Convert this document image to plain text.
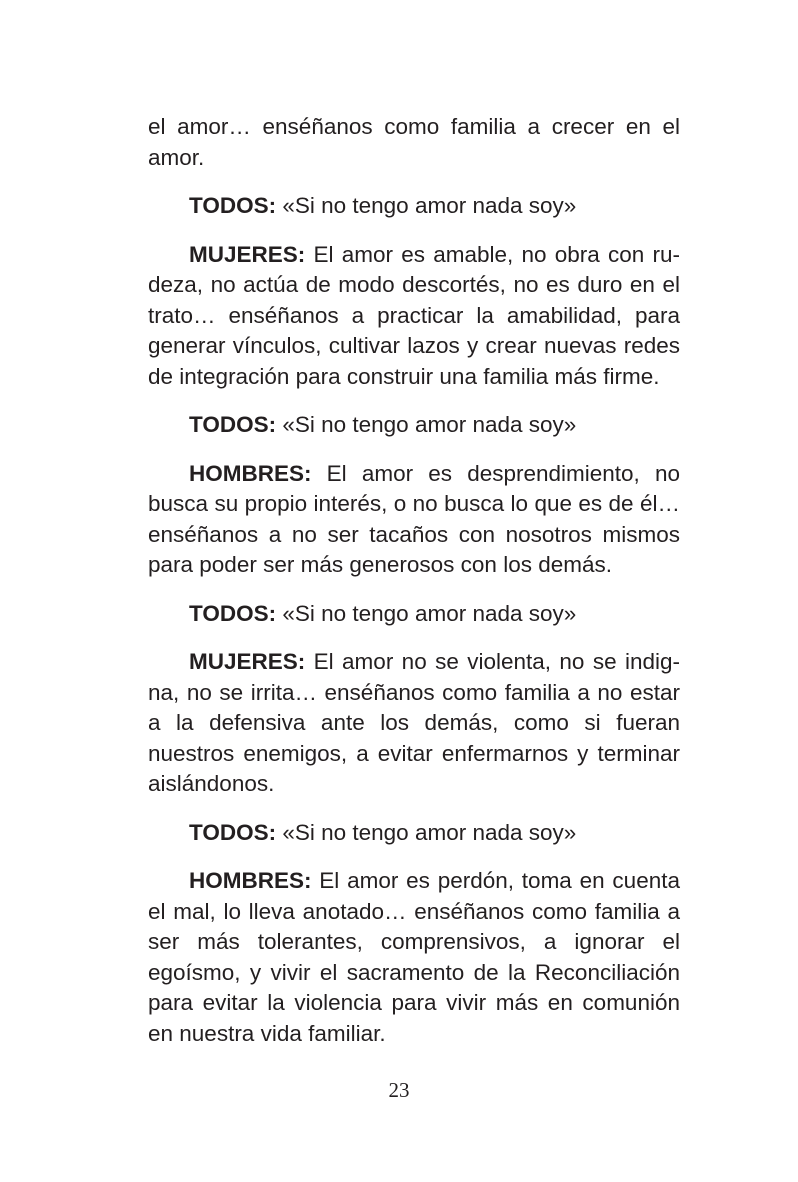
el amor… enséñanos como familia a crecer en el amor.

TODOS: «Si no tengo amor nada soy»

MUJERES: El amor es amable, no obra con rudeza, no actúa de modo descortés, no es duro en el trato… enséñanos a practicar la amabilidad, para generar vínculos, cultivar lazos y crear nuevas redes de integración para construir una familia más firme.

TODOS: «Si no tengo amor nada soy»

HOMBRES: El amor es desprendimiento, no busca su propio interés, o no busca lo que es de él… enséñanos a no ser tacaños con nosotros mismos para poder ser más generosos con los demás.

TODOS: «Si no tengo amor nada soy»

MUJERES: El amor no se violenta, no se indigna, no se irrita… enséñanos como familia a no estar a la defensiva ante los demás, como si fueran nuestros enemigos, a evitar enfermarnos y terminar aislándonos.

TODOS: «Si no tengo amor nada soy»

HOMBRES: El amor es perdón, toma en cuenta el mal, lo lleva anotado… enséñanos como familia a ser más tolerantes, comprensivos, a ignorar el egoísmo, y vivir el sacramento de la Reconciliación para evitar la violencia para vivir más en comunión en nuestra vida familiar.

23
